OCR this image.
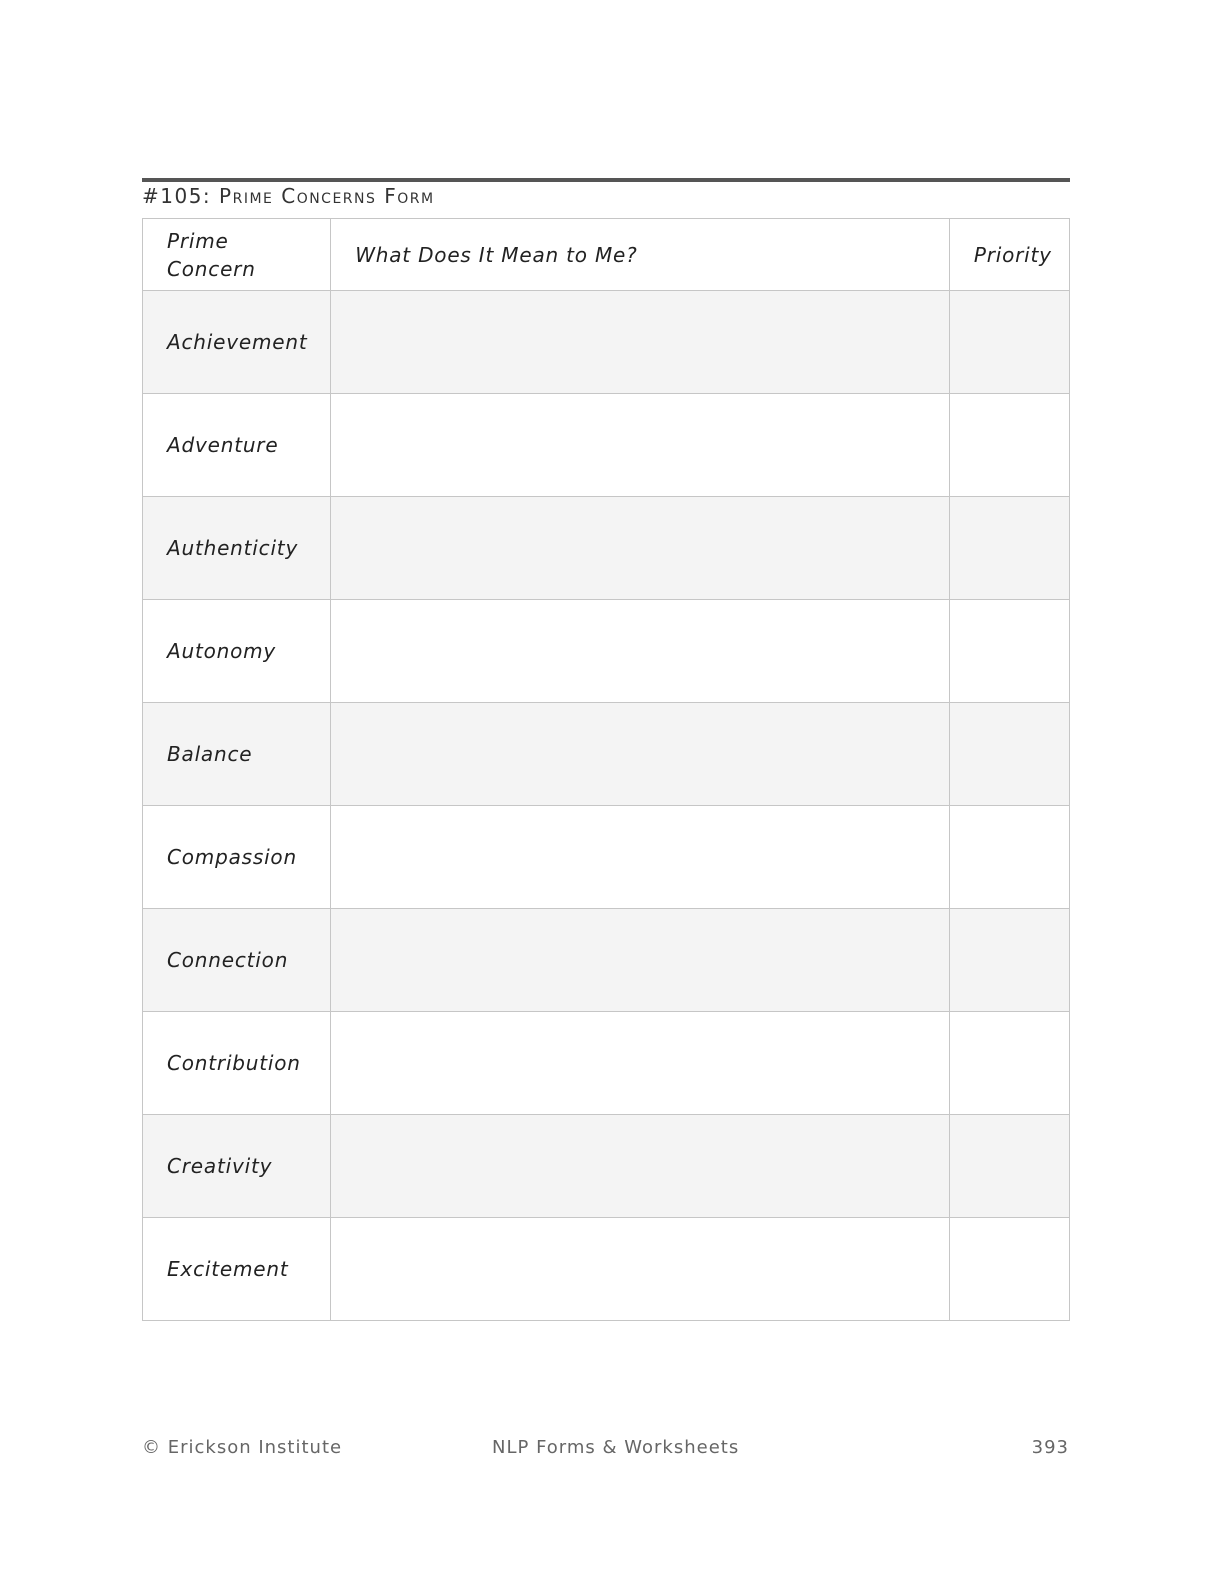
#105: Prime Concerns Form
Prime Concern	What Does It Mean to Me?	Priority

Achievement		

Adventure		

Authenticity		

Autonomy		

Balance		

Compassion		

Connection		

Contribution		

Creativity		

Excitement		

© Erickson Institute	NLP Forms & Worksheets	393
